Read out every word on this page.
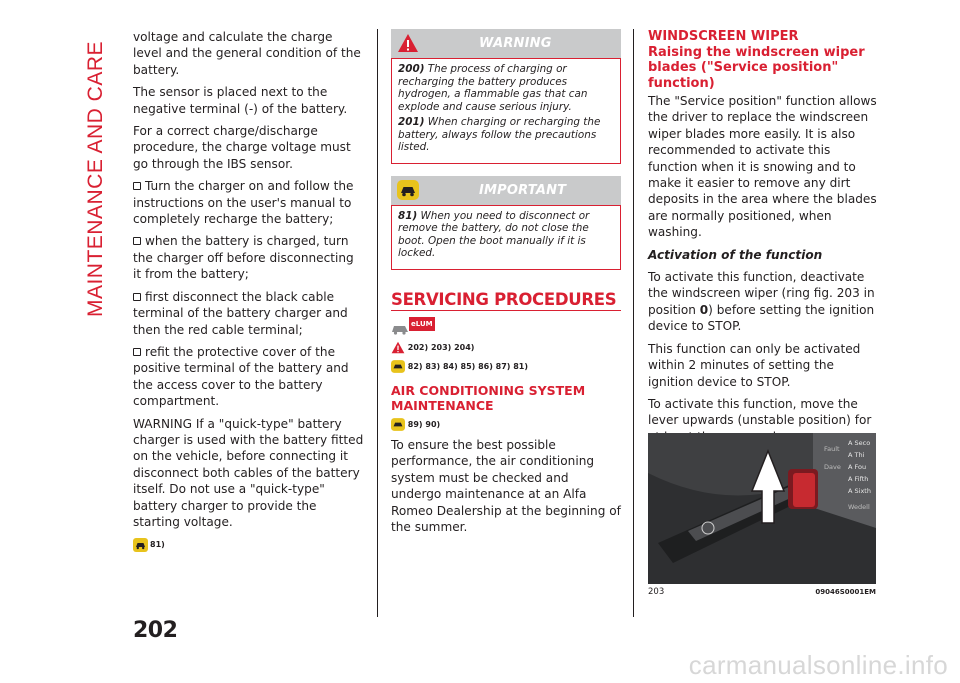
MAINTENANCE AND CARE

voltage and calculate the charge level and the general condition of the battery.

The sensor is placed next to the negative terminal (-) of the battery.

For a correct charge/discharge procedure, the charge voltage must go through the IBS sensor.

Turn the charger on and follow the instructions on the user's manual to completely recharge the battery;

when the battery is charged, turn the charger off before disconnecting it from the battery;

first disconnect the black cable terminal of the battery charger and then the red cable terminal;

refit the protective cover of the positive terminal of the battery and the access cover to the battery compartment.

WARNING If a "quick-type" battery charger is used with the battery fitted on the vehicle, before connecting it disconnect both cables of the battery itself. Do not use a "quick-type" battery charger to provide the starting voltage.

81)

WARNING

200) The process of charging or recharging the battery produces hydrogen, a flammable gas that can explode and cause serious injury.

201) When charging or recharging the battery, always follow the precautions listed.

IMPORTANT

81) When you need to disconnect or remove the battery, do not close the boot. Open the boot manually if it is locked.

SERVICING PROCEDURES
eLUM

202) 203) 204)

82) 83) 84) 85) 86) 87) 81)

AIR CONDITIONING SYSTEM MAINTENANCE

89) 90)

To ensure the best possible performance, the air conditioning system must be checked and undergo maintenance at an Alfa Romeo Dealership at the beginning of the summer.

WINDSCREEN WIPER
Raising the windscreen wiper blades ("Service position" function)

The "Service position" function allows the driver to replace the windscreen wiper blades more easily. It is also recommended to activate this function when it is snowing and to make it easier to remove any dirt deposits in the area where the blades are normally positioned, when washing.

Activation of the function

To activate this function, deactivate the windscreen wiper (ring fig. 203 in position 0) before setting the ignition device to STOP.

This function can only be activated within 2 minutes of setting the ignition device to STOP.

To activate this function, move the lever upwards (unstable position) for

A Seco
A Thi
A Fou
A Fifth
A Sixth
Fault
Dave
Wedell
203	09046S0001EM
202
carmanualsonline.info
